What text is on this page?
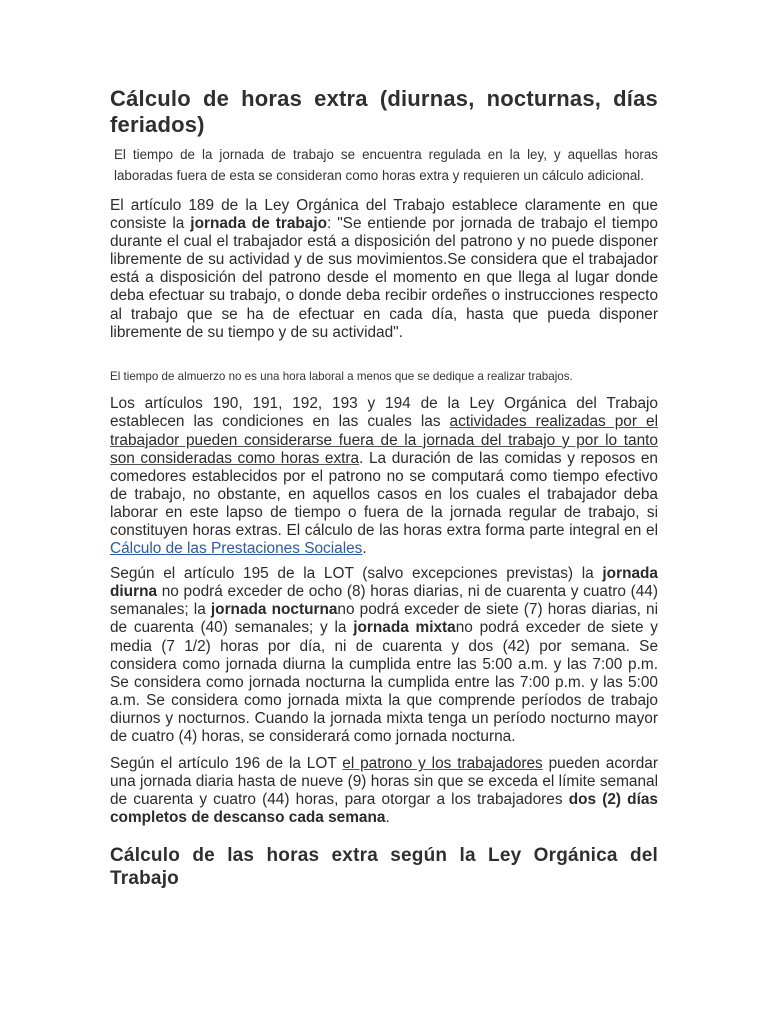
Cálculo de horas extra (diurnas, nocturnas, días feriados)

El tiempo de la jornada de trabajo se encuentra regulada en la ley, y aquellas horas laboradas fuera de esta se consideran como horas extra y requieren un cálculo adicional.

El artículo 189 de la Ley Orgánica del Trabajo establece claramente en que consiste la jornada de trabajo: "Se entiende por jornada de trabajo el tiempo durante el cual el trabajador está a disposición del patrono y no puede disponer libremente de su actividad y de sus movimientos.Se considera que el trabajador está a disposición del patrono desde el momento en que llega al lugar donde deba efectuar su trabajo, o donde deba recibir ordeñes o instrucciones respecto al trabajo que se ha de efectuar en cada día, hasta que pueda disponer libremente de su tiempo y de su actividad".

El tiempo de almuerzo no es una hora laboral a menos que se dedique a realizar trabajos.

Los artículos 190, 191, 192, 193 y 194 de la Ley Orgánica del Trabajo establecen las condiciones en las cuales las actividades realizadas por el trabajador pueden considerarse fuera de la jornada del trabajo y por lo tanto son consideradas como horas extra. La duración de las comidas y reposos en comedores establecidos por el patrono no se computará como tiempo efectivo de trabajo, no obstante, en aquellos casos en los cuales el trabajador deba laborar en este lapso de tiempo o fuera de la jornada regular de trabajo, si constituyen horas extras. El cálculo de las horas extra forma parte integral en el Cálculo de las Prestaciones Sociales.

Según el artículo 195 de la LOT (salvo excepciones previstas) la jornada diurna no podrá exceder de ocho (8) horas diarias, ni de cuarenta y cuatro (44) semanales; la jornada nocturnano podrá exceder de siete (7) horas diarias, ni de cuarenta (40) semanales; y la jornada mixtano podrá exceder de siete y media (7 1/2) horas por día, ni de cuarenta y dos (42) por semana. Se considera como jornada diurna la cumplida entre las 5:00 a.m. y las 7:00 p.m. Se considera como jornada nocturna la cumplida entre las 7:00 p.m. y las 5:00 a.m. Se considera como jornada mixta la que comprende períodos de trabajo diurnos y nocturnos. Cuando la jornada mixta tenga un período nocturno mayor de cuatro (4) horas, se considerará como jornada nocturna.

Según el artículo 196 de la LOT el patrono y los trabajadores pueden acordar una jornada diaria hasta de nueve (9) horas sin que se exceda el límite semanal de cuarenta y cuatro (44) horas, para otorgar a los trabajadores dos (2) días completos de descanso cada semana.

Cálculo de las horas extra según la Ley Orgánica del Trabajo
